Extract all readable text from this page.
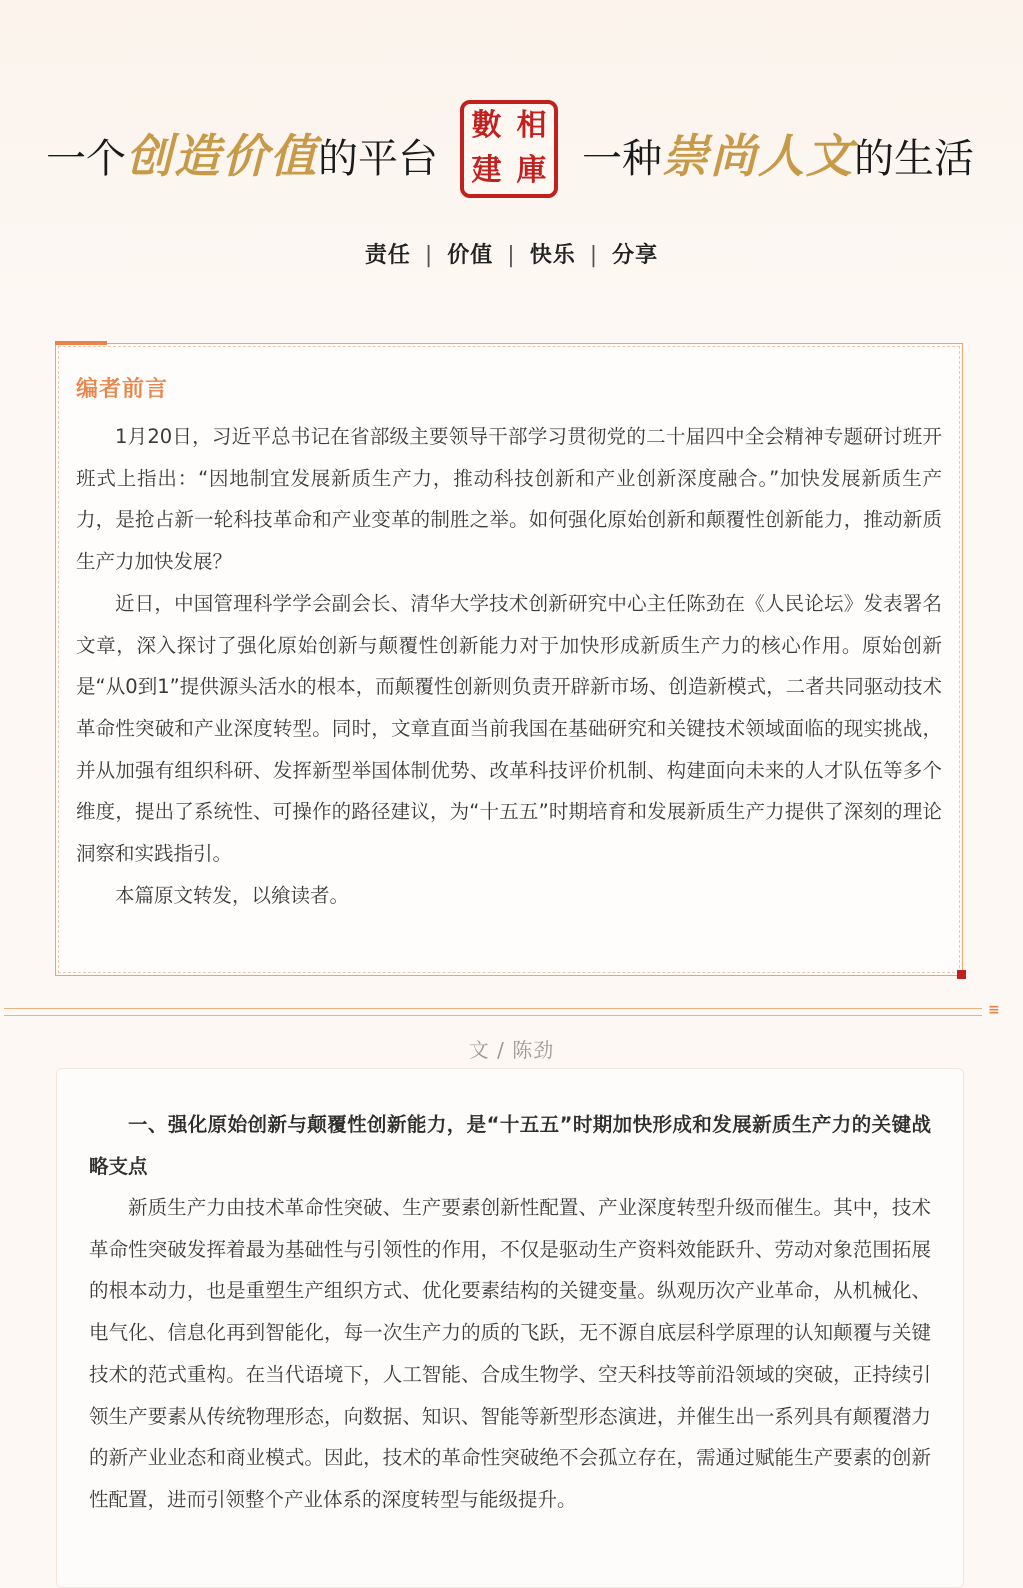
一个创造价值的平台
數 相
建 庫 一种崇尚人文的生活
责任 | 价值 | 快乐 | 分享
编者前言

1月20日，习近平总书记在省部级主要领导干部学习贯彻党的二十届四中全会精神专题研讨班开班式上指出：“因地制宜发展新质生产力，推动科技创新和产业创新深度融合。”加快发展新质生产力，是抢占新一轮科技革命和产业变革的制胜之举。如何强化原始创新和颠覆性创新能力，推动新质生产力加快发展？

近日，中国管理科学学会副会长、清华大学技术创新研究中心主任陈劲在《人民论坛》发表署名文章，深入探讨了强化原始创新与颠覆性创新能力对于加快形成新质生产力的核心作用。原始创新是“从0到1”提供源头活水的根本，而颠覆性创新则负责开辟新市场、创造新模式，二者共同驱动技术革命性突破和产业深度转型。同时，文章直面当前我国在基础研究和关键技术领域面临的现实挑战，并从加强有组织科研、发挥新型举国体制优势、改革科技评价机制、构建面向未来的人才队伍等多个维度，提出了系统性、可操作的路径建议，为“十五五”时期培育和发展新质生产力提供了深刻的理论洞察和实践指引。

本篇原文转发，以飨读者。

≡
文 / 陈劲
一、强化原始创新与颠覆性创新能力，是“十五五”时期加快形成和发展新质生产力的关键战略支点

新质生产力由技术革命性突破、生产要素创新性配置、产业深度转型升级而催生。其中，技术革命性突破发挥着最为基础性与引领性的作用，不仅是驱动生产资料效能跃升、劳动对象范围拓展的根本动力，也是重塑生产组织方式、优化要素结构的关键变量。纵观历次产业革命，从机械化、电气化、信息化再到智能化，每一次生产力的质的飞跃，无不源自底层科学原理的认知颠覆与关键技术的范式重构。在当代语境下，人工智能、合成生物学、空天科技等前沿领域的突破，正持续引领生产要素从传统物理形态，向数据、知识、智能等新型形态演进，并催生出一系列具有颠覆潜力的新产业业态和商业模式。因此，技术的革命性突破绝不会孤立存在，需通过赋能生产要素的创新性配置，进而引领整个产业体系的深度转型与能级提升。
